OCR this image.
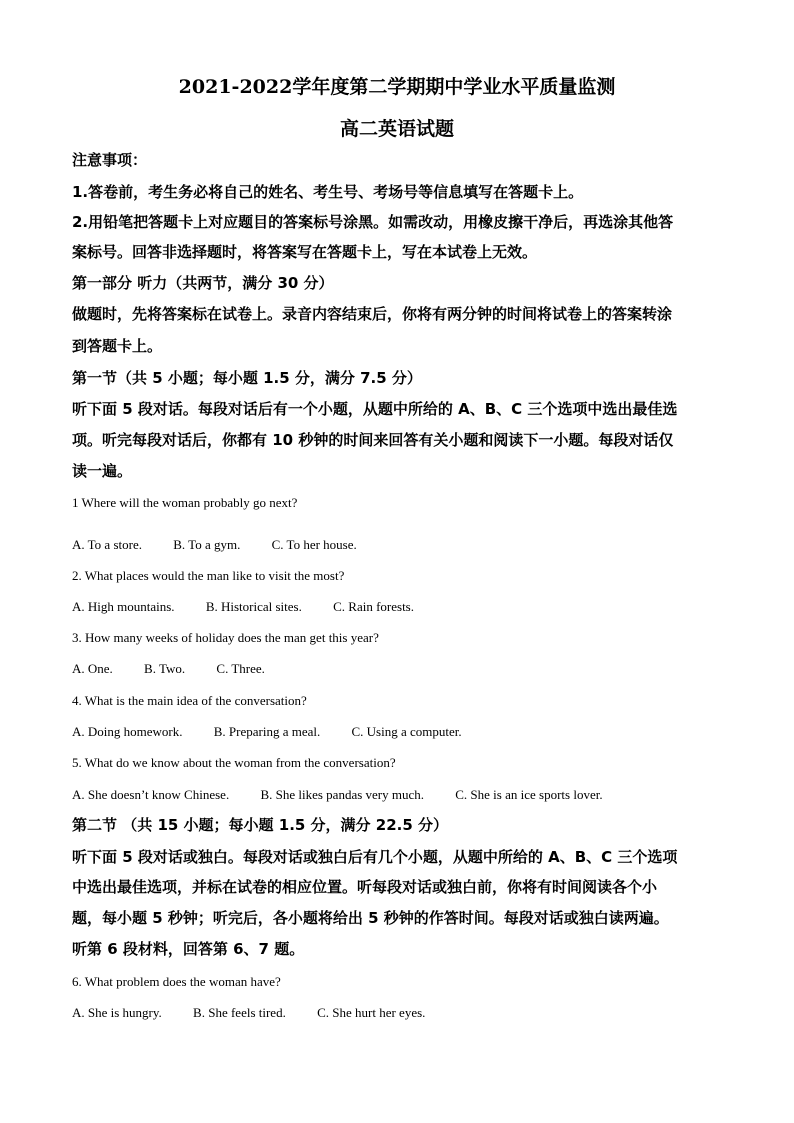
2021-2022学年度第二学期期中学业水平质量监测
高二英语试题
注意事项：
1.答卷前，考生务必将自己的姓名、考生号、考场号等信息填写在答题卡上。
2.用铅笔把答题卡上对应题目的答案标号涂黑。如需改动，用橡皮擦干净后，再选涂其他答
案标号。回答非选择题时，将答案写在答题卡上，写在本试卷上无效。
第一部分 听力（共两节，满分 30 分）
做题时，先将答案标在试卷上。录音内容结束后，你将有两分钟的时间将试卷上的答案转涂
到答题卡上。
第一节（共 5 小题；每小题 1.5 分，满分 7.5 分）
听下面 5 段对话。每段对话后有一个小题，从题中所给的 A、B、C 三个选项中选出最佳选
项。听完每段对话后，你都有 10 秒钟的时间来回答有关小题和阅读下一小题。每段对话仅
读一遍。
1 Where will the woman probably go next?
A. To a store. B. To a gym. C. To her house.
2. What places would the man like to visit the most?
A. High mountains. B. Historical sites. C. Rain forests.
3. How many weeks of holiday does the man get this year?
A. One. B. Two. C. Three.
4. What is the main idea of the conversation?
A. Doing homework. B. Preparing a meal. C. Using a computer.
5. What do we know about the woman from the conversation?
A. She doesn’t know Chinese. B. She likes pandas very much. C. She is an ice sports lover.
第二节 （共 15 小题；每小题 1.5 分，满分 22.5 分）
听下面 5 段对话或独白。每段对话或独白后有几个小题，从题中所给的 A、B、C 三个选项
中选出最佳选项，并标在试卷的相应位置。听每段对话或独白前，你将有时间阅读各个小
题，每小题 5 秒钟；听完后，各小题将给出 5 秒钟的作答时间。每段对话或独白读两遍。
听第 6 段材料，回答第 6、7 题。
6. What problem does the woman have?
A. She is hungry. B. She feels tired. C. She hurt her eyes.
